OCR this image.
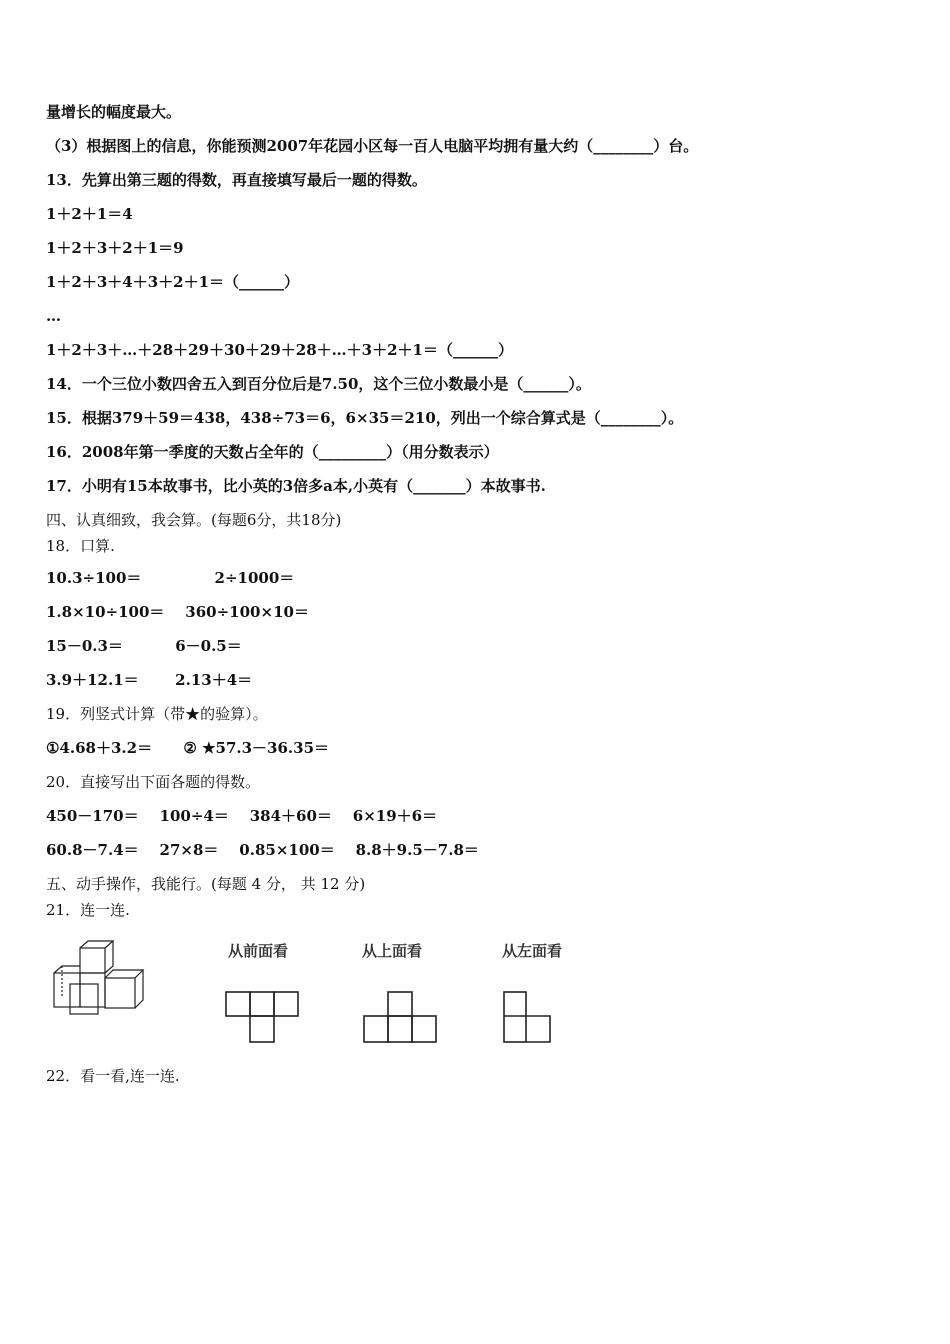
量增长的幅度最大。
（3）根据图上的信息，你能预测2007年花园小区每一百人电脑平均拥有量大约（________）台。
13．先算出第三题的得数，再直接填写最后一题的得数。
1＋2＋1＝4
1＋2＋3＋2＋1＝9
1＋2＋3＋4＋3＋2＋1＝（______）
…
1＋2＋3＋…＋28＋29＋30＋29＋28＋…＋3＋2＋1＝（______）
14．一个三位小数四舍五入到百分位后是7.50，这个三位小数最小是（______）。
15．根据379＋59＝438，438÷73＝6，6×35＝210，列出一个综合算式是（________）。
16．2008年第一季度的天数占全年的（_________）（用分数表示）
17．小明有15本故事书，比小英的3倍多a本,小英有（_______）本故事书.
四、认真细致，我会算。(每题6分，共18分)
18．口算.
10.3÷100＝              2÷1000＝
1.8×10÷100＝    360÷100×10＝
15－0.3＝          6－0.5＝
3.9＋12.1＝       2.13＋4＝
19．列竖式计算（带★的验算）。
①4.68＋3.2＝      ② ★57.3－36.35＝
20．直接写出下面各题的得数。
450－170＝    100÷4＝    384＋60＝    6×19＋6＝
60.8－7.4＝    27×8＝    0.85×100＝    8.8＋9.5－7.8＝
五、动手操作，我能行。(每题 4 分， 共 12 分)
21．连一连.
从前面看	从上面看	从左面看
22．看一看,连一连.
